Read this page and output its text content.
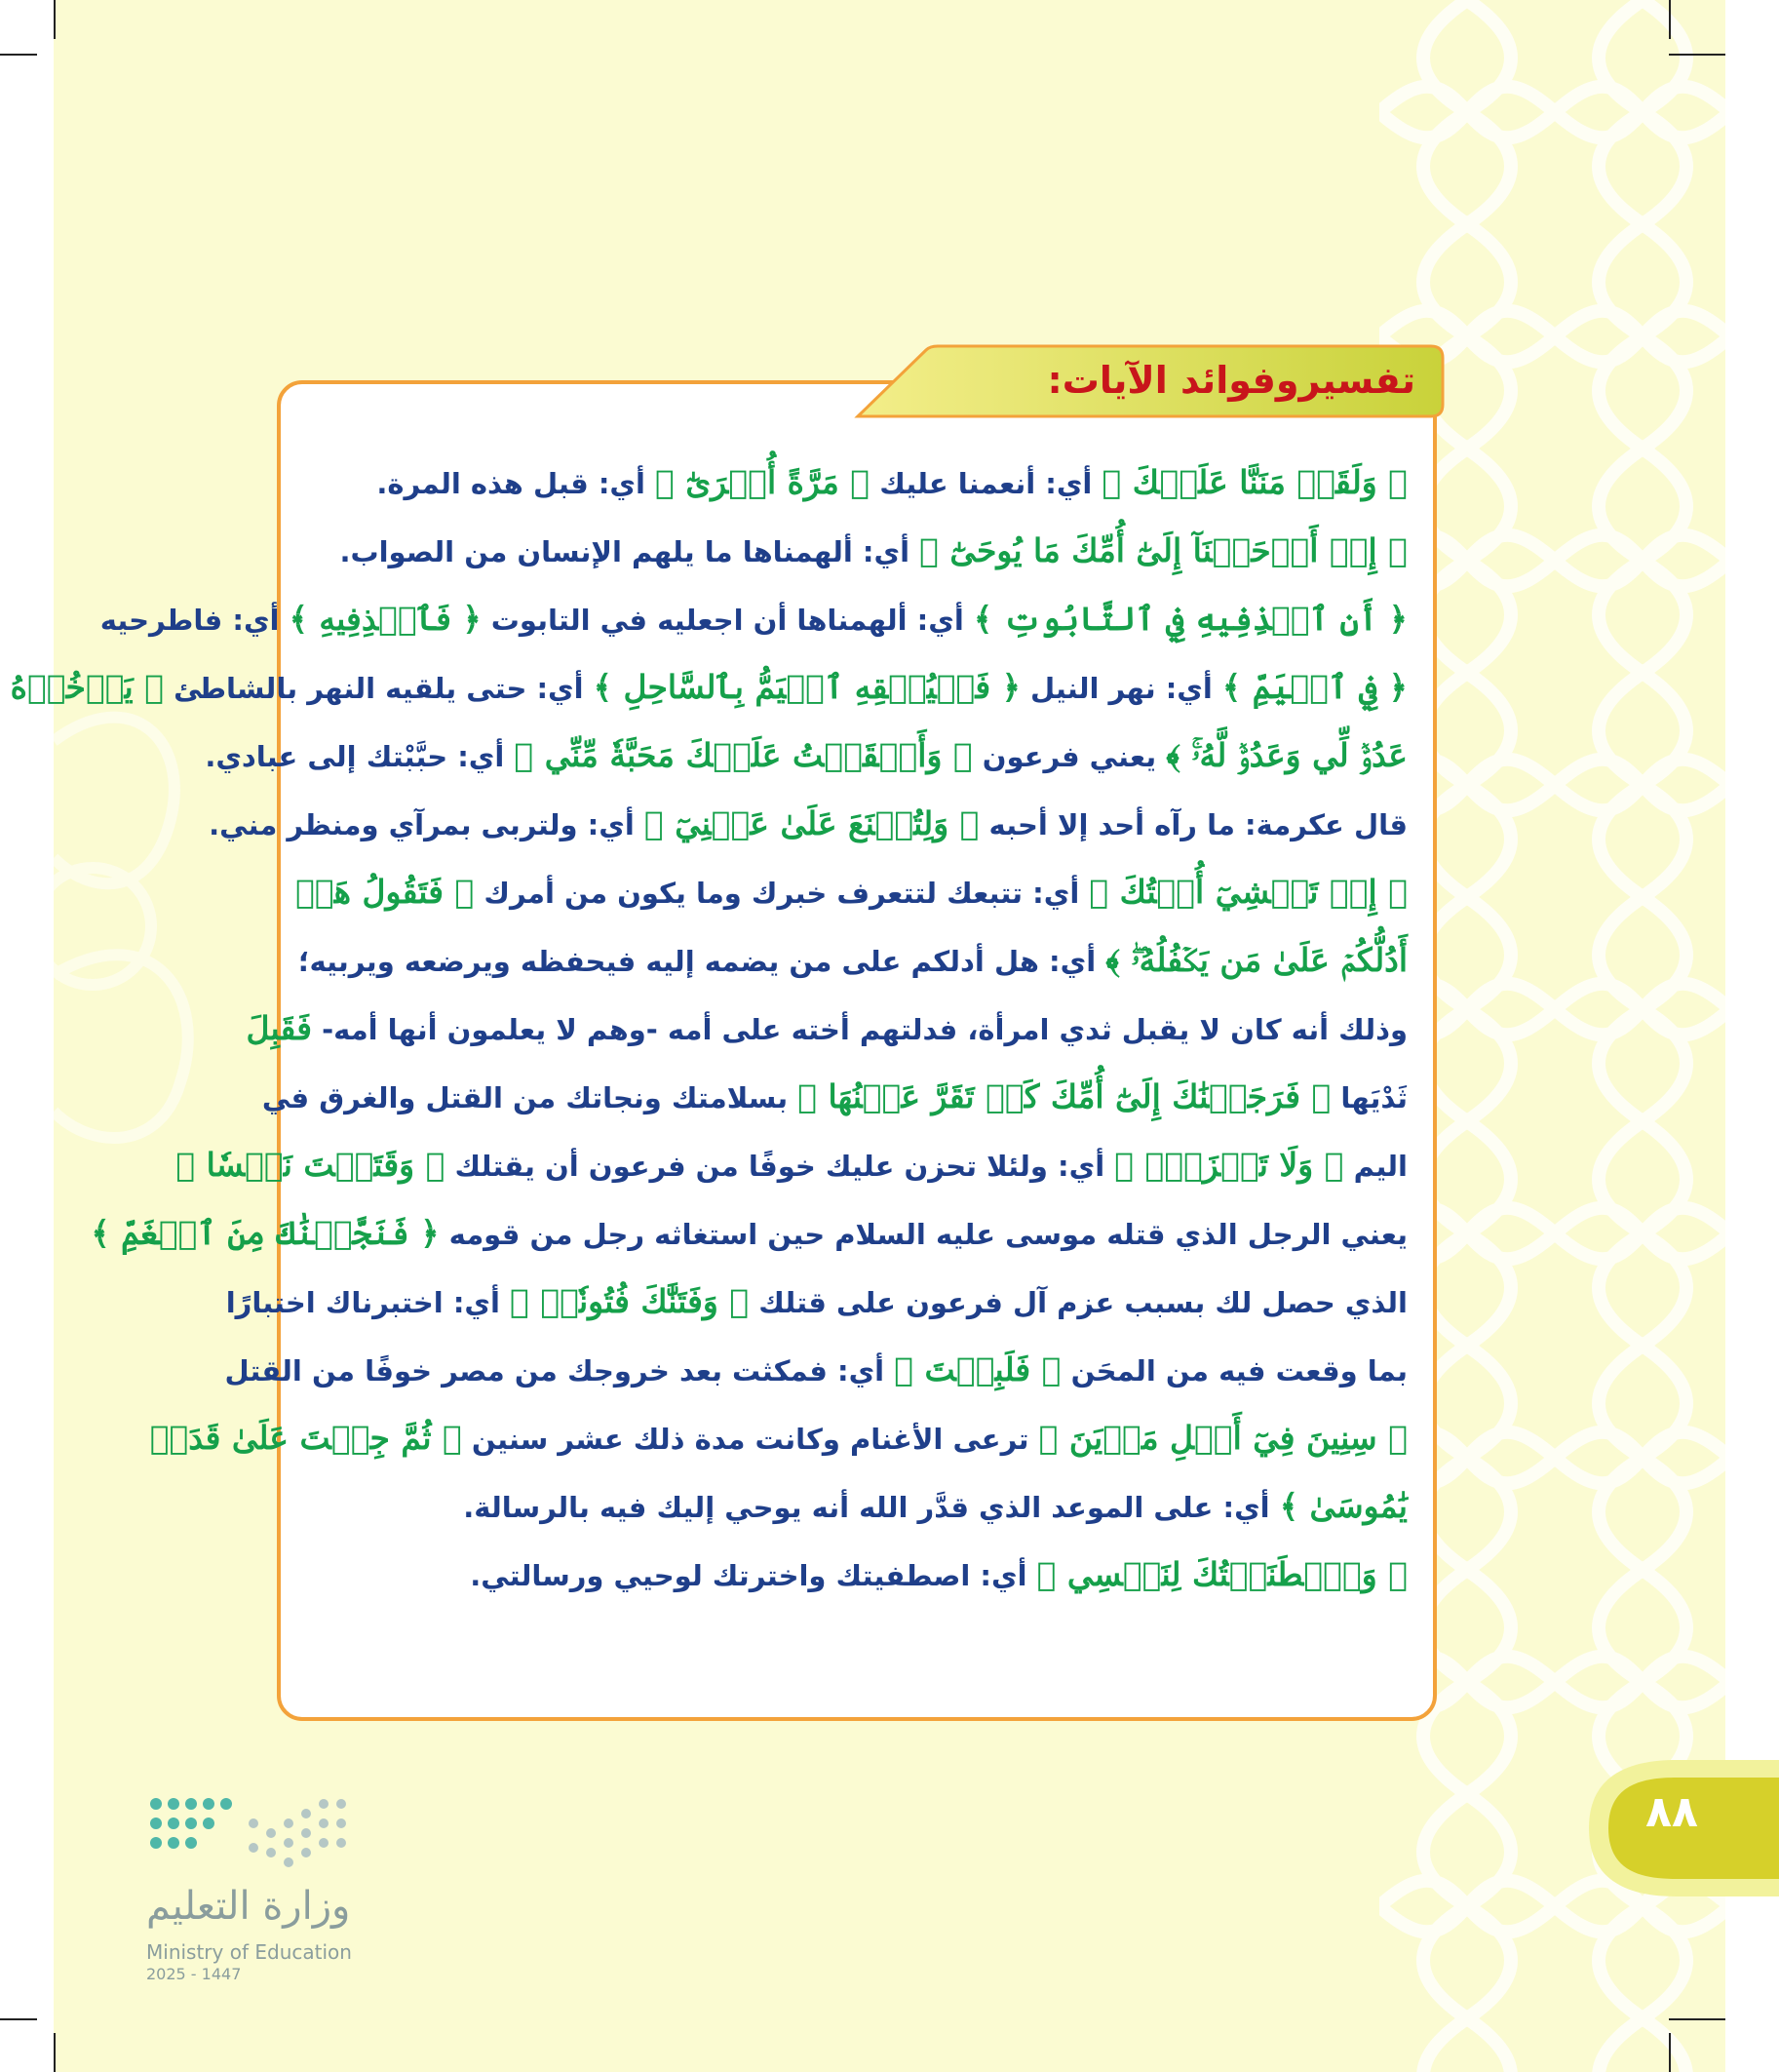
٨٨
وزارة التعليم
Ministry of Education
2025 - 1447
تفسيروفوائد الآيات:
﴿ وَلَقَدۡ مَنَنَّا عَلَيۡكَ ﴾ أي: أنعمنا عليك ﴿ مَرَّةً أُخۡرَىٰٓ ﴾ أي: قبل هذه المرة.
﴿ إِذۡ أَوۡحَيۡنَآ إِلَىٰٓ أُمِّكَ مَا يُوحَىٰٓ ﴾ أي: ألهمناها ما يلهم الإنسان من الصواب.
﴿ أَنِ ٱقۡذِفِيهِ فِي ٱلتَّابُوتِ ﴾ أي: ألهمناها أن اجعليه في التابوت ﴿ فَٱقۡذِفِيهِ ﴾ أي: فاطرحيه
﴿ فِي ٱلۡيَمِّ ﴾ أي: نهر النيل ﴿ فَلۡيُلۡقِهِ ٱلۡيَمُّ بِٱلسَّاحِلِ ﴾ أي: حتى يلقيه النهر بالشاطئ ﴿ يَأۡخُذۡهُ
عَدُوّٞ لِّي وَعَدُوّٞ لَّهُۥۚ ﴾ يعني فرعون ﴿ وَأَلۡقَيۡتُ عَلَيۡكَ مَحَبَّةٗ مِّنِّي ﴾ أي: حبَّبْتك إلى عبادي.
قال عكرمة: ما رآه أحد إلا أحبه ﴿ وَلِتُصۡنَعَ عَلَىٰ عَيۡنِيٓ ﴾ أي: ولتربى بمرآي ومنظر مني.
﴿ إِذۡ تَمۡشِيٓ أُخۡتُكَ ﴾ أي: تتبعك لتتعرف خبرك وما يكون من أمرك ﴿ فَتَقُولُ هَلۡ
أَدُلُّكُمۡ عَلَىٰ مَن يَكۡفُلُهُۥۖ ﴾ أي: هل أدلكم على من يضمه إليه فيحفظه ويرضعه ويربيه؛
وذلك أنه كان لا يقبل ثدي امرأة، فدلتهم أخته على أمه -وهم لا يعلمون أنها أمه- فَقَبِلَ
ثَدْيَها ﴿ فَرَجَعۡنَٰكَ إِلَىٰٓ أُمِّكَ كَيۡ تَقَرَّ عَيۡنُهَا ﴾ بسلامتك ونجاتك من القتل والغرق في
اليم ﴿ وَلَا تَحۡزَنَۚ ﴾ أي: ولئلا تحزن عليك خوفًا من فرعون أن يقتلك ﴿ وَقَتَلۡتَ نَفۡسٗا ﴾
يعني الرجل الذي قتله موسى عليه السلام حين استغاثه رجل من قومه ﴿ فَنَجَّيۡنَٰكَ مِنَ ٱلۡغَمِّ ﴾
الذي حصل لك بسبب عزم آل فرعون على قتلك ﴿ وَفَتَنَّٰكَ فُتُونٗاۚ ﴾ أي: اختبرناك اختبارًا
بما وقعت فيه من المحَن ﴿ فَلَبِثۡتَ ﴾ أي: فمكثت بعد خروجك من مصر خوفًا من القتل
﴿ سِنِينَ فِيٓ أَهۡلِ مَدۡيَنَ ﴾ ترعى الأغنام وكانت مدة ذلك عشر سنين ﴿ ثُمَّ جِئۡتَ عَلَىٰ قَدَرٖ
يَٰمُوسَىٰ ﴾ أي: على الموعد الذي قدَّر الله أنه يوحي إليك فيه بالرسالة.
﴿ وَٱصۡطَنَعۡتُكَ لِنَفۡسِي ﴾ أي: اصطفيتك واخترتك لوحيي ورسالتي.
